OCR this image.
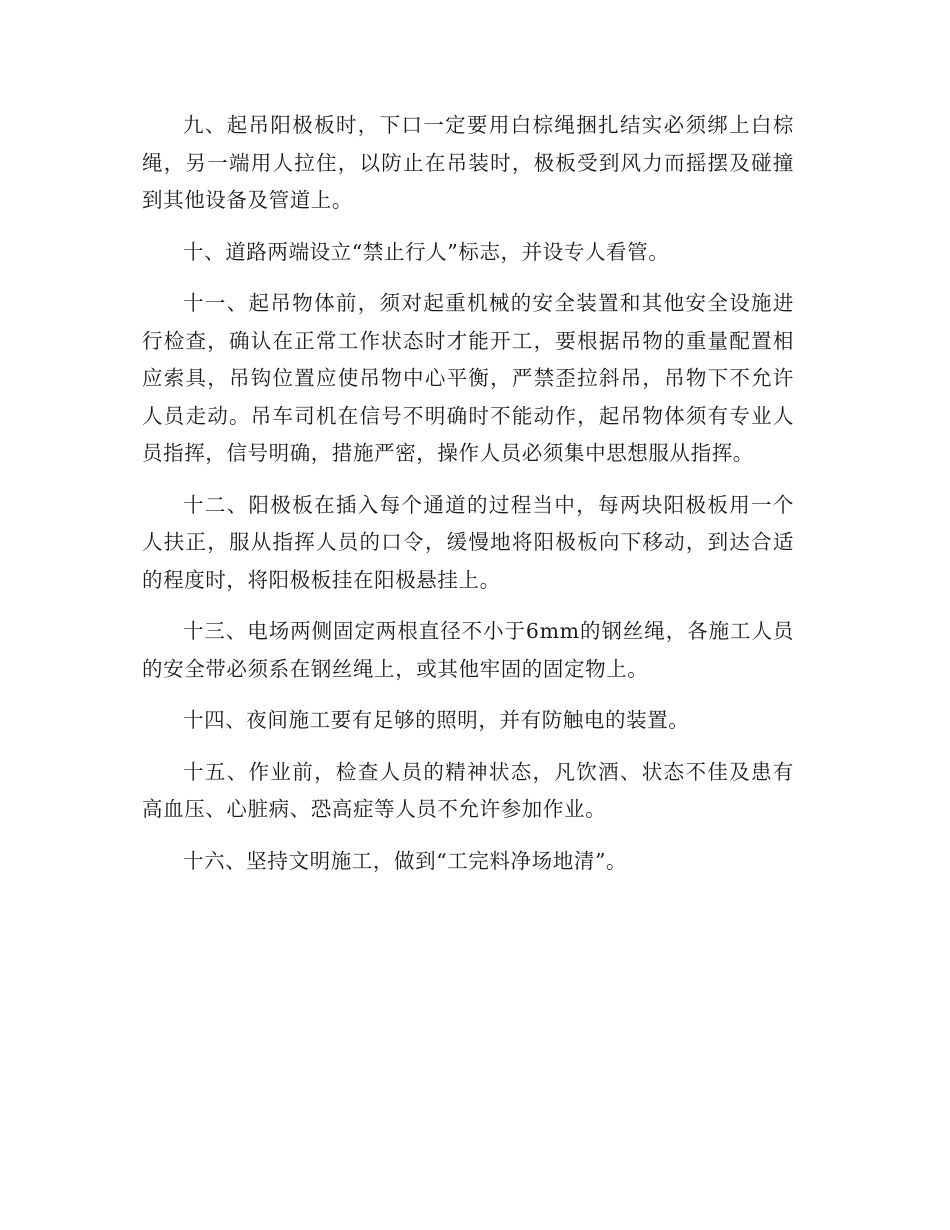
九、起吊阳极板时，下口一定要用白棕绳捆扎结实必须绑上白棕绳，另一端用人拉住，以防止在吊装时，极板受到风力而摇摆及碰撞到其他设备及管道上。

十、道路两端设立“禁止行人”标志，并设专人看管。

十一、起吊物体前，须对起重机械的安全装置和其他安全设施进行检查，确认在正常工作状态时才能开工，要根据吊物的重量配置相应索具，吊钩位置应使吊物中心平衡，严禁歪拉斜吊，吊物下不允许人员走动。吊车司机在信号不明确时不能动作，起吊物体须有专业人员指挥，信号明确，措施严密，操作人员必须集中思想服从指挥。

十二、阳极板在插入每个通道的过程当中，每两块阳极板用一个人扶正，服从指挥人员的口令，缓慢地将阳极板向下移动，到达合适的程度时，将阳极板挂在阳极悬挂上。

十三、电场两侧固定两根直径不小于6mm的钢丝绳，各施工人员的安全带必须系在钢丝绳上，或其他牢固的固定物上。

十四、夜间施工要有足够的照明，并有防触电的装置。

十五、作业前，检查人员的精神状态，凡饮酒、状态不佳及患有高血压、心脏病、恐高症等人员不允许参加作业。

十六、坚持文明施工，做到“工完料净场地清”。
